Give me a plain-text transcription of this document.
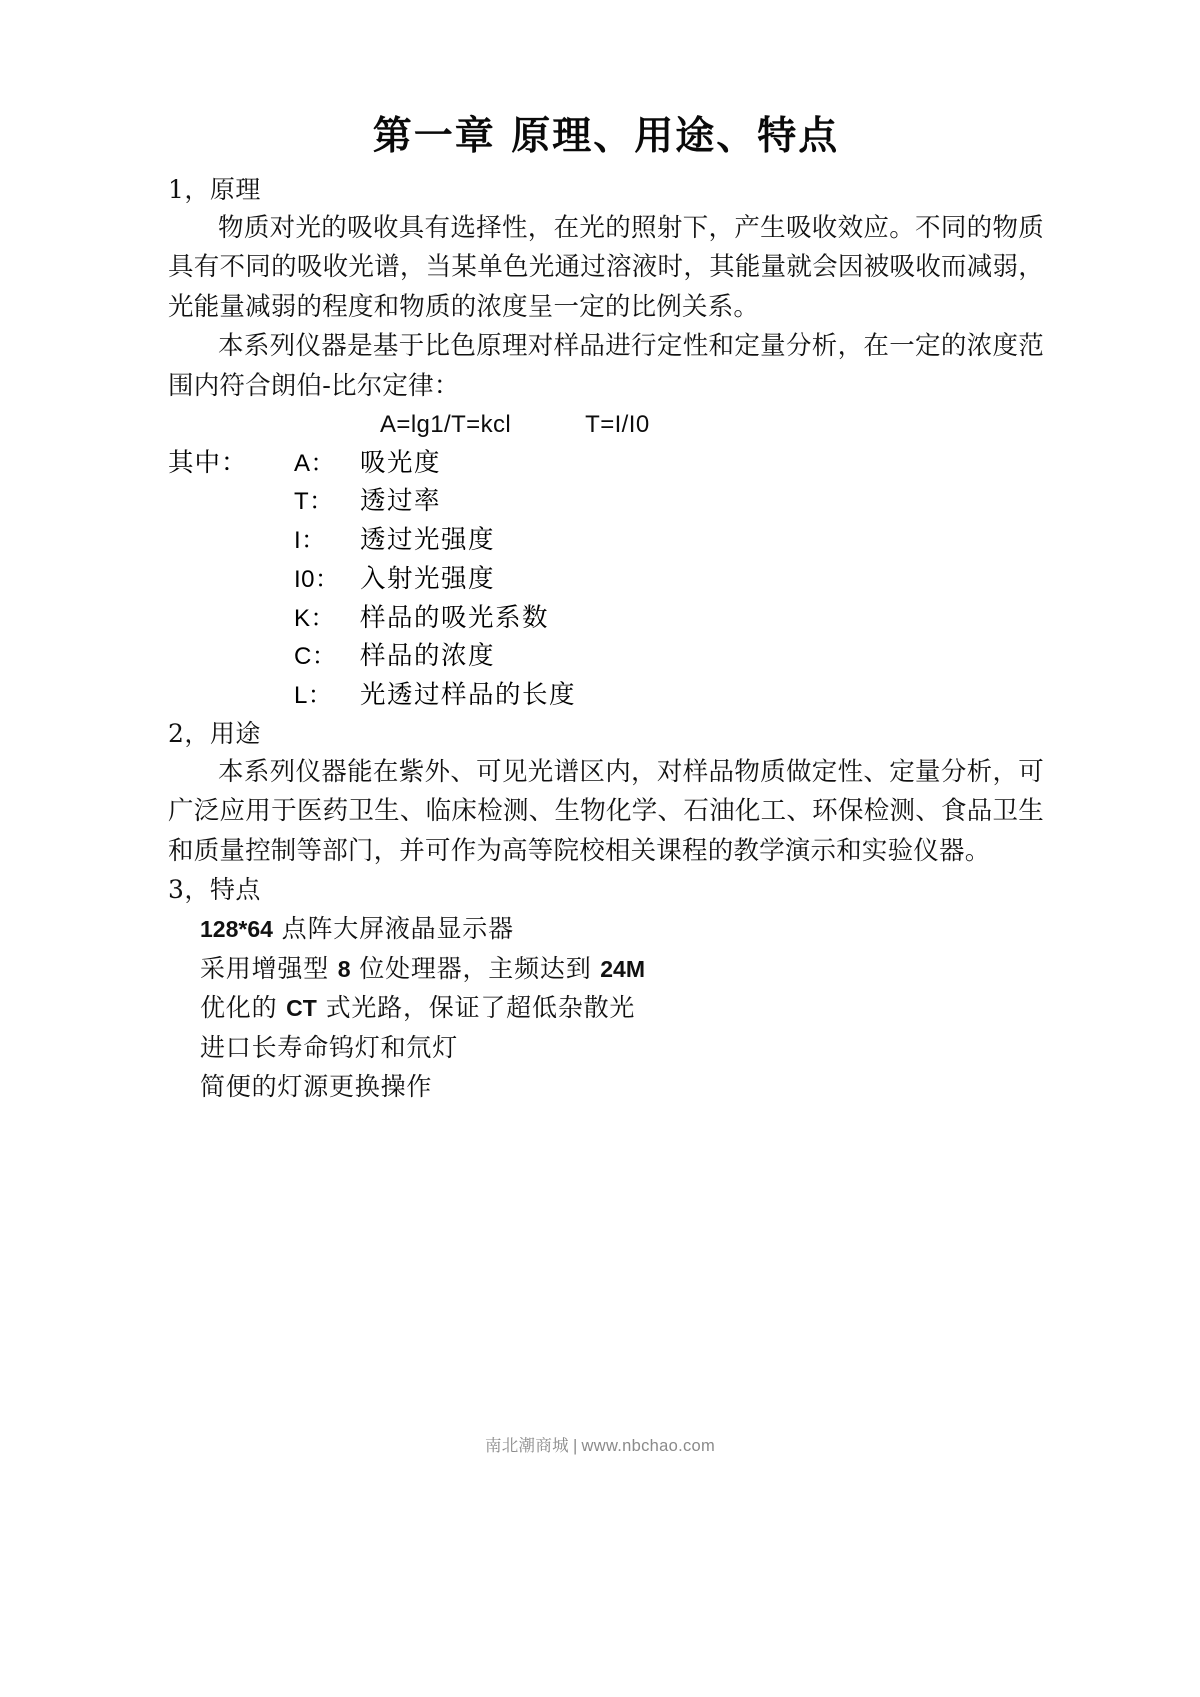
第一章 原理、用途、特点

1，原理

物质对光的吸收具有选择性，在光的照射下，产生吸收效应。不同的物质具有不同的吸收光谱，当某单色光通过溶液时，其能量就会因被吸收而减弱，光能量减弱的程度和物质的浓度呈一定的比例关系。

本系列仪器是基于比色原理对样品进行定性和定量分析，在一定的浓度范围内符合朗伯-比尔定律：

A=lg1/T=kcl	T=I/I0

其中：	A： 吸光度
T：	透过率
I：	透过光强度
I0： 入射光强度
K： 样品的吸光系数
C： 样品的浓度
L：	光透过样品的长度

2，用途

本系列仪器能在紫外、可见光谱区内，对样品物质做定性、定量分析，可广泛应用于医药卫生、临床检测、生物化学、石油化工、环保检测、食品卫生和质量控制等部门，并可作为高等院校相关课程的教学演示和实验仪器。

3，特点

128*64 点阵大屏液晶显示器
采用增强型 8 位处理器，主频达到 24M
优化的 CT 式光路，保证了超低杂散光
进口长寿命钨灯和氘灯
简便的灯源更换操作
南北潮商城 | www.nbchao.com
